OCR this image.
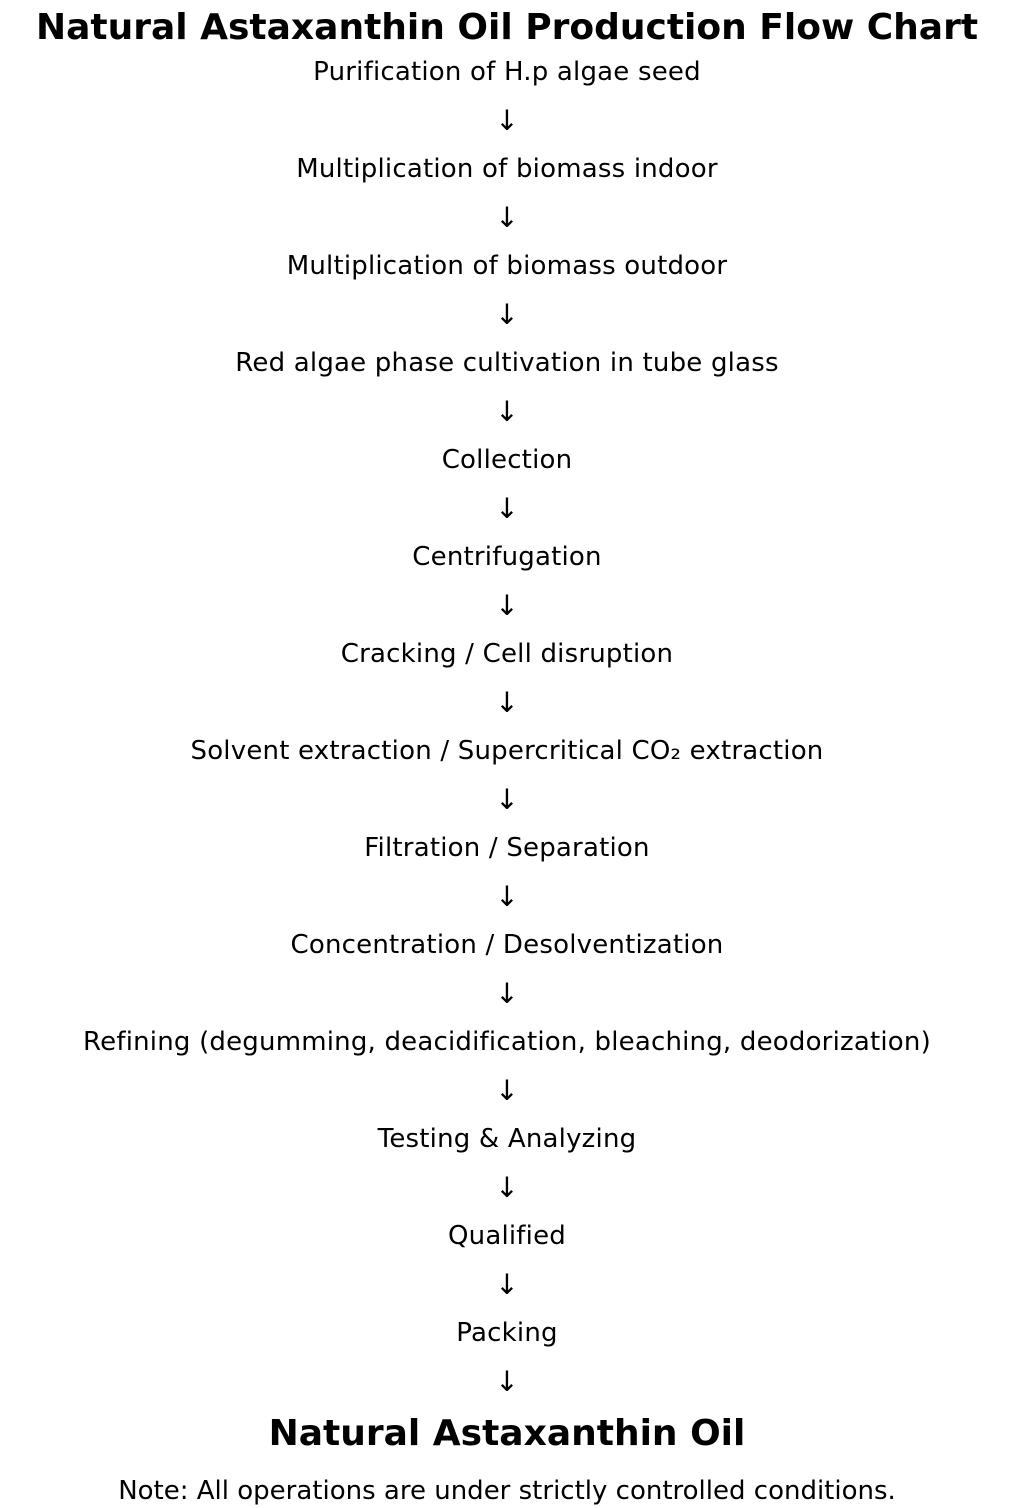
Natural Astaxanthin Oil Production Flow Chart
Purification of H.p algae seed
↓
Multiplication of biomass indoor
↓
Multiplication of biomass outdoor
↓
Red algae phase cultivation in tube glass
↓
Collection
↓
Centrifugation
↓
Cracking / Cell disruption
↓
Solvent extraction / Supercritical CO₂ extraction
↓
Filtration / Separation
↓
Concentration / Desolventization
↓
Refining (degumming, deacidification, bleaching, deodorization)
↓
Testing & Analyzing
↓
Qualified
↓
Packing
↓
Natural Astaxanthin Oil
Note: All operations are under strictly controlled conditions.
